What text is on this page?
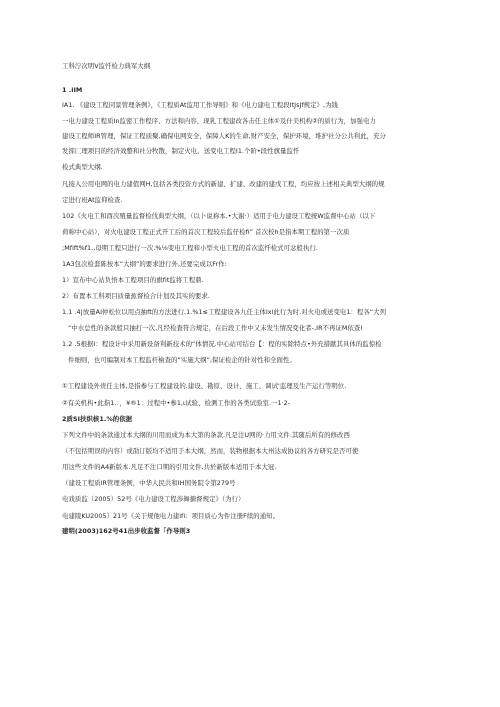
工科泞次明V监忏检力典军大纲

1 .iIM

IA1. 《建设工程同景管理条例》，《工程质At监用工作导则》和《电力建电工程段ItJsJf规定》,为钱

一电力建设工程质In监密工作程序、方法和内容，现乳工程建改各击任主体①及什美机构②的质行为，加强电力

建设工程师IR管理，保证工程质聚,确保电网安全，保障人K的生命,财产安全，保护环境，堆护社分公共利此，充分

发挥匚理项目的经济效整和社分牧散，制定火电、送变电工程I1.个阶•段性旗量监忏

检式典型大纲.

凡接入公用电网的电力建值网H,包括各类投资方式的新建、扩建、改建的建戊工程，均应按上述相关典型大纲的规

定进行班At监仰检查.

102《火电工和酉次殖量监督检伐典型大纲，（以卜说称本,•大谢·）适用于电力建设工程统W监督中心站（以下

荷称中心站），对火电建设工程正式开工后的首次工程较后监仔检fi” 首次校h是指本期工程的第一次质

;Mfift%f1.,母期工程只进行一次.%⅛变电工程和小型火电工程的首次监忏检式可忿般执行.

1A3包次检套陈按本“大纲”的要求进行外,还要完成以Fr作:

1）宣布中心站负悟本工程项目的旗fit监将工程鼎.

2）布置本工科项目质量蕉督检合计划及其实的要求.

1.1 .4|放量AI仲松位以用点抽ft的方法进行.1.%1≤工程建设各九任主体lxl此行为时.对火电或送变电1：程各“大列

“中水总性的条款般只抽打一次,凡经检査符合规定，在后段工作中又未发生情况变化者-,IR不再证M依查l

1.2 .5根据I：程设计中采用新设备利新技术的“体情况.中心站可结台【：程的实除特点•外充措献其具体的监惊检

件细则，也可编制对本工程监杆檢查的“实施大纲”,保证检企的针对性和全面性。

①工程建设外贵任主体,是指参与工程建设的.建设、勘原、设计、施工、调试'监理及生产运行等明位.

②有关机构•此指1.：，¥®1：过程中•参1,ι试验、检测工作的各类试验室.一1·2-

2质SI扶织核1.%的依据

下列文件中的条款通过本大纲的川用而成为本大第的条款.凡是注U网的·力用文件.其随后所有的修改西

（不包括期误的内容）或劭订版均不适用于本大纲，然而，装物根据本大州达成协议的各方研究是否可使

用这些文件的A4新版本.凡足不注口期的引用文件,共於新版本适用于本大冠.

（建设工程质lR管理条例，中华人民共和IH国务院令第279号

电戏质监（2005）52号《电力建设工程涉舞搪督规定》（为行）

电建陵KU2005）21号《关于规他电力建ifi：项目质心为件注册F续的通知。

建明(2003)162号41出步收监督「作导则3
